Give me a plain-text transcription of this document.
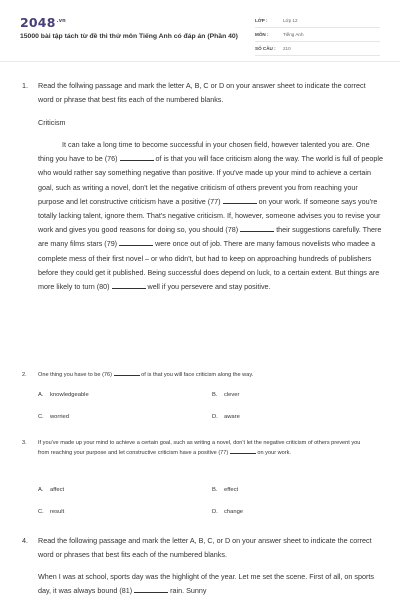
$2048^{.vn}$
15000 bài tập tách từ đề thi thử môn Tiếng Anh có đáp án (Phần 40)
LỚP :	Lớp 12
MÔN :	Tiếng Anh
SỐ CÂU :	210
1. Read the follwing passage and mark the letter A, B, C or D on your answer sheet to indicate the correct word or phrase that best fits each of the numbered blanks.
Criticism
It can take a long time to become successful in your chosen field, however talented you are. One thing you have to be (76)	of is that you will face criticism along the way. The world is full of people who would rather say something negative than positive. If you've made up your mind to achieve a certain goal, such as writing a novel, don't let the negative criticism of others prevent you from reaching your purpose and let constructive criticism have a positive (77)	on your work. If someone says you're totally lacking talent, ignore them. That's negative criticism. If, however, someone advises you to revise your work and gives you good reasons for doing so, you should (78)	their suggestions carefully. There are many films stars (79)	were once out of job. There are many famous novelists who madee a complete mess of their first novel – or who didn't, but had to keep on approaching hundreds of publishers before they could get it published. Being successful does depend on luck, to a certain extent. But things are more likely to turn (80)	well if you persevere and stay positive.
2. One thing you have to be (76)	of is that you will face criticism along the way.
A. knowledgeable	B. clever
C. worried	D. aware
3. If you've made up your mind to achieve a certain goal, such as writing a novel, don't let the negative criticism of others prevent you from reaching your purpose and let constructive criticism have a positive (77)	on your work.
A. affect	B. effect
C. result	D. change
4. Read the following passage and mark the letter A, B, C, or D on your answer sheet to indicate the correct word or phrases that best fits each of the numbered blanks.
When I was at school, sports day was the highlight of the year. Let me set the scene. First of all, on sports day, it was always bound (81)	rain. Sunny
